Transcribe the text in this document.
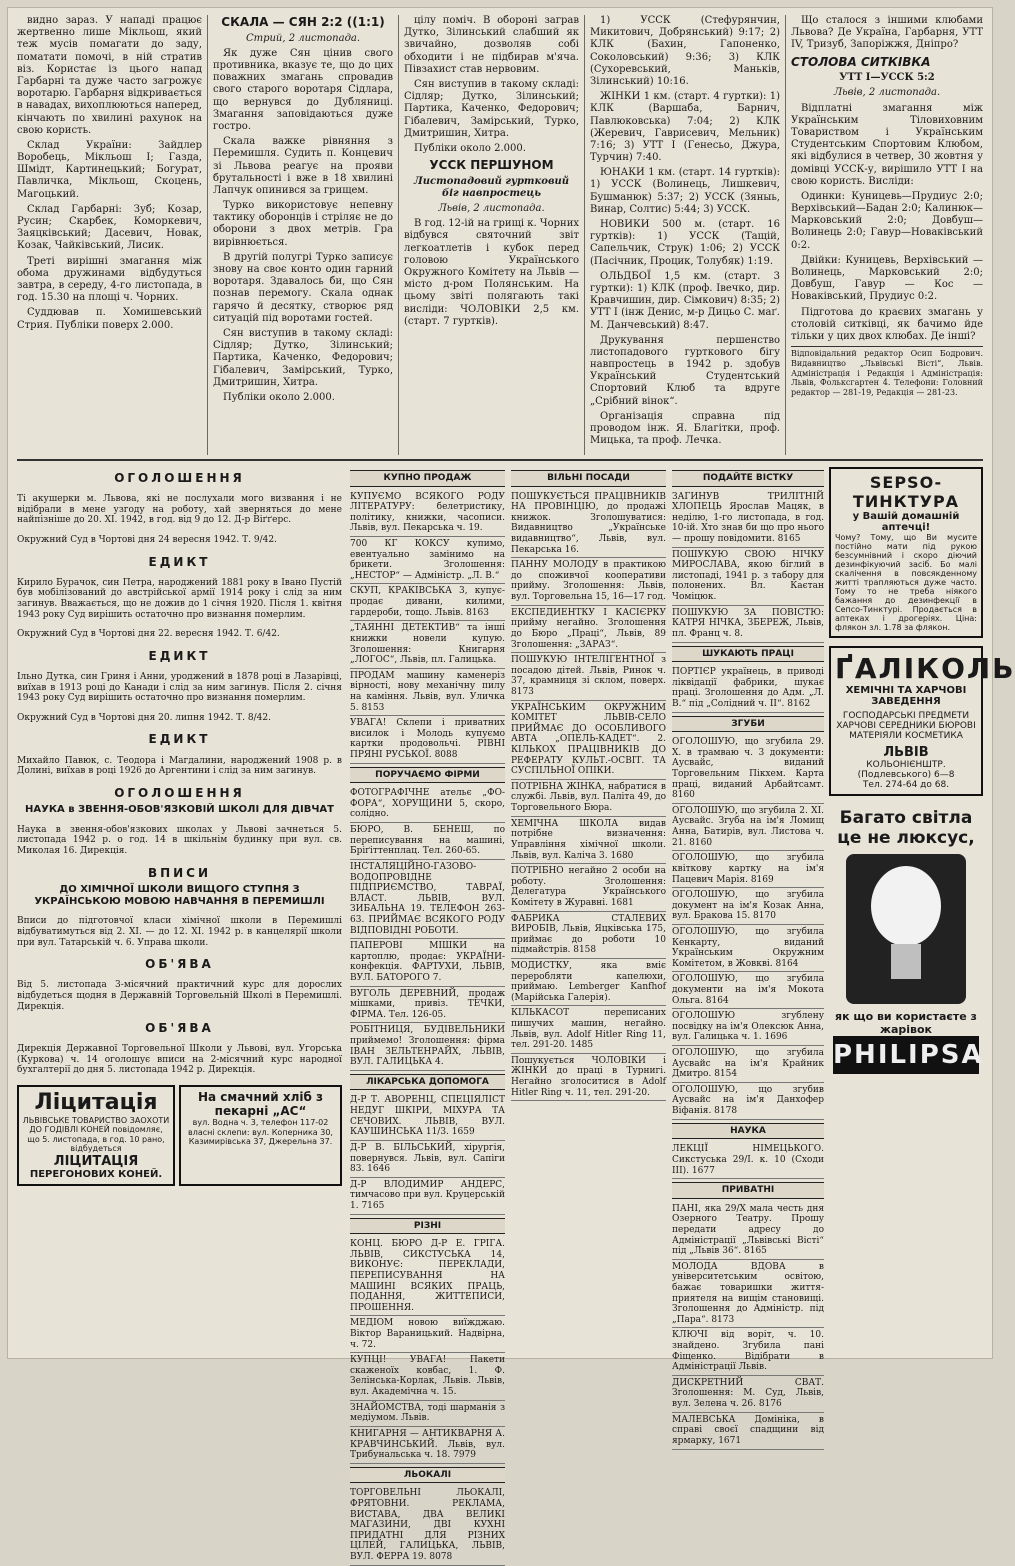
видно зараз. У нападі працює жертвенно лише Мікльош, який теж мусів помагати до заду, поматати помочі, в ній стратив віз. Користає із цього напад Гарбарні та дуже часто загрожує воротарю. Гарбарня відкривається в навадах, вихоплюються наперед, кінчають по хвилині рахунок на свою користь.

Склад України: Зайдлер Воробець, Мікльош I; Газда, Шмідт, Картинецький; Богурат, Павличка, Мікльош, Скоцень, Магоцький.

Склад Гарбарні: Зуб; Козар, Русин; Скарбек, Коморкевич, Заяцківський; Дасевич, Новак, Козак, Чайківський, Лисик.

Треті вирішні змагання між обома дружинами відбудуться завтра, в середу, 4-го листопада, в год. 15.30 на площі ч. Чорних.

Суддював п. Хомишевський Стрия. Публіки поверх 2.000.

СКАЛА — СЯН 2:2 ((1:1)

Стрий, 2 листопада.

Як дуже Сян цінив свого противника, вказує те, що до цих поважних змагань спровадив свого старого воротаря Сідлара, що вернувся до Дубляниці. Змагання заповідаються дуже гостро.

Скала важке рівняння з Перемишля. Судить п. Концевич зі Львова реагує на прояви брутальності і вже в 18 хвилині Лапчук опинився за грищем.

Турко використовує непевну тактику оборонців і стріляє не до оборони з двох метрів. Гра вирівнюється.

В другій полугрі Турко записує знову на своє конто один гарний воротаря. Здавалось би, що Сян познав перемогу. Скала однак гарячо й десятку, створює ряд ситуацій під воротами гостей.

Сян виступив в такому складі: Сідляр; Дутко, Зілинський; Партика, Каченко, Федорович; Гібалевич, Замірський, Турко, Дмитришин, Хитра.

Публіки около 2.000.

цілу поміч. В обороні заграв Дутко, Зілинський слабший як звичайно, дозволяв собі обходити і не підбирав м'яча. Півзахист став нервовим.

Сян виступив в такому складі: Сідляр; Дутко, Зілинський; Партика, Каченко, Федорович; Гібалевич, Замірський, Турко, Дмитришин, Хитра.

Публіки около 2.000.

УССК ПЕРШУНОМ

Листопадовий гуртковий біг навпростець

Львів, 2 листопада.

В год. 12-ій на грищі к. Чорних відбувся святочний звіт легкоатлетів і кубок перед головою Українського Окружного Комітету на Львів — місто д-ром Полянським. На цьому звіті полягають такі висліди: ЧОЛОВІКИ 2,5 км. (старт. 7 гуртків).

1) УССК (Стефурянчин, Микитович, Добрянський) 9:17; 2) КЛК (Бахин, Гапоненко, Соколовський) 9:36; 3) КЛК (Сухоревський, Маньків, Зілинський) 10:16.

ЖІНКИ 1 км. (старт. 4 гуртки): 1) КЛК (Варшаба, Барнич, Павлюковська) 7:04; 2) КЛК (Жеревич, Гаврисевич, Мельник) 7:16; 3) УТТ I (Генесьо, Джура, Турчин) 7:40.

ЮНАКИ 1 км. (старт. 14 гуртків): 1) УССК (Волинець, Лишкевич, Бушманюк) 5:37; 2) УССК (Зяныь, Винар, Солтис) 5:44; 3) УССК.

НОВИКИ 500 м. (старт. 16 гуртків): 1) УССК (Тащій, Сапельчик, Струк) 1:06; 2) УССК (Пасічник, Процик, Толубяк) 1:19.

ОЛЬДБОЇ 1,5 км. (старт. 3 гуртки): 1) КЛК (проф. Івечко, дир. Кравчишин, дир. Сімкович) 8:35; 2) УТТ I (інж Денис, м-р Дицьо С. маґ. М. Данчевський) 8:47.

Друкування першенство листопадового гурткового бігу навпростець в 1942 р. здобув Український Студентський Спортовий Клюб та вдруге „Срібний вінок“.

Організація справна під проводом інж. Я. Благітки, проф. Мицька, та проф. Лечка.

Що сталося з іншими клюбами Львова? Де Україна, Гарбарня, УТТ IV, Тризуб, Запоріжжя, Дніпро?

СТОЛОВА СИТКІВКА

УТТ I—УССК 5:2

Львів, 2 листопада.

Відплатні змагання між Українським Тіловиховним Товариством і Українським Студентським Спортовим Клюбом, які відбулися в четвер, 30 жовтня у домівці УССК-у, вирішило УТТ I на свою користь. Висліди:

Одинки: Куницевь—Прудиус 2:0; Верхівський—Бадан 2:0; Калинюк—Марковський 2:0; Довбуш—Волинець 2:0; Гавур—Новаківський 0:2.

Двійки: Куницевь, Верхівський — Волинець, Марковський 2:0; Довбуш, Гавур — Кос — Новаківський, Прудиус 0:2.

Підготова до краєвих змагань у столовій ситківці, як бачимо йде тільки у цих двох клюбах. Де інші?

Відповідальний редактор Осип Бодрович. Видавництво „Львівські Вісті“, Львів. Адміністрація і Редакція і Адміністрація: Львів, Фольксгартен 4. Телефони: Головний редактор — 281-19, Редакція — 281-23.

ОГОЛОШЕННЯ

Ті акушерки м. Львова, які не послухали мого визвання і не відібрали в мене узгоду на роботу, хай зверняться до мене найпізніше до 20. XI. 1942, в год. від 9 до 12. Д-р Віґґерс.

Окружний Суд в Чортові дня 24 вересня 1942. Т. 9/42.

ЕДИКТ

Кирило Бурачок, син Петра, народжений 1881 року в Івано Пустій був мобілізований до австрійської армії 1914 року і слід за ним загинув. Вважається, що не дожив до 1 січня 1920. Після 1. квітня 1943 року Суд вирішить остаточно про визнання померлим.

Окружний Суд в Чортові дня 22. вересня 1942. Т. 6/42.

ЕДИКТ

Ільно Дутка, син Гриня і Анни, уроджений в 1878 році в Лазарівці, виїхав в 1913 році до Канади і слід за ним загинув. Після 2. січня 1943 року Суд вирішить остаточно про визнання померлим.

Окружний Суд в Чортові дня 20. липня 1942. Т. 8/42.

ЕДИКТ

Михайло Павюк, с. Теодора і Магдалини, народжений 1908 р. в Долині, виїхав в році 1926 до Аргентини і слід за ним загинув.

ОГОЛОШЕННЯ
НАУКА в ЗВЕННЯ-ОБОВ'ЯЗКОВІЙ ШКОЛІ ДЛЯ ДІВЧАТ

Наука в звення-обов'язкових школах у Львові зачнеться 5. листопада 1942 р. о год. 14 в шкільнім будинку при вул. св. Миколая 16. Дирекція.

ВПИСИ
ДО ХІМІЧНОЇ ШКОЛИ ВИЩОГО СТУПНЯ З УКРАЇНСЬКОЮ МОВОЮ НАВЧАННЯ В ПЕРЕМИШЛІ

Вписи до підготовчої класи хімічної школи в Перемишлі відбуватимуться від 2. XI. — до 12. XI. 1942 р. в канцелярії школи при вул. Татарській ч. 6. Управа школи.

ОБ'ЯВА

Від 5. листопада 3-місячний практичний курс для дорослих відбудеться щодня в Державній Торговельній Школі в Перемишлі. Дирекція.

ОБ'ЯВА

Дирекція Державної Торговельної Школи у Львові, вул. Угорська (Куркова) ч. 14 оголошує вписи на 2-місячний курс народної бухгалтерії до дня 5. листопада 1942 р. Дирекція.

Лiцитація
ЛЬВІВСЬКЕ ТОВАРИСТВО ЗАОХОТИ ДО ГОДІВЛІ КОНЕЙ повідомляє, що 5. листопада, в год. 10 рано, відбудеться
ЛІЦИТАЦІЯ
ПЕРЕГОНОВИХ КОНЕЙ.
На смачний хліб з пекарні „АС“
вул. Водна ч. 3, телефон 117-02 власні склепи: вул. Коперника 30, Казимирівська 37, Джерельна 37.
КУПНО ПРОДАЖ
КУПУЄМО ВСЯКОГО РОДУ ЛІТЕРАТУРУ: белетристику, політику, книжки, часописи. Львів, вул. Пекарська ч. 19.
700 КГ КОКСУ купимо, евентуально замінимо на брикети. Зголошення: „НЕСТОР“ — Адміністр. „Л. В.“
СКУП, КРАКІВСЬКА 3, купує-продає дивани, килими, гардероби, тощо. Львів. 8163
„ТАЯННІ ДЕТЕКТИВ“ та інші книжки новели купую. Зголошення: Книгарня „ЛОГОС“, Львів, пл. Галицька.
ПРОДАМ машину каменеріз вірності, нову механічну пилу на каміння. Львів, вул. Уличка 5. 8153
УВАГА! Склепи і приватних висилок і Молодь купуємо картки продовольчі. РІВНІ ПРЯНІ РУСЬКОЇ. 8088
ПОРУЧАЄМО ФІРМИ
ФОТОГРАФІЧНЕ ательє „ФО-ФОРА“, ХОРУЩИНИ 5, скоро, солідно.
БЮРО, В. БЕНЕШ, по переписування на машині, Бріґіттенплац. Тел. 260-65.
ІНСТАЛЯЦІЙНО-ГАЗОВО-ВОДОПРОВІДНЕ ПІДПРИЄМСТВО, ТАВРАЇ, ВЛАСТ. ЛЬВІВ, ВУЛ. ЗИБАЛЬНА 19. ТЕЛЕФОН 263-63. ПРИЙМАЄ ВСЯКОГО РОДУ ВІДПОВІДНІ РОБОТИ.
ПАПЕРОВІ МІШКИ на картоплю, продає: УКРАЇНИ-конфекція. ФАРТУХИ, ЛЬВІВ, ВУЛ. БАТОРОГО 7.
ВУГОЛЬ ДЕРЕВНИЙ, продаж мішками, привіз. ТЕЧКИ, ФІРМА. Тел. 126-05.
РОБІТНИЦЯ, БУДІВЕЛЬНИКИ приймемо! Зголошення: фірма ІВАН ЗЕЛЬТЕНРАЙХ, ЛЬВІВ, ВУЛ. ГАЛИЦЬКА 4.
ЛІКАРСЬКА ДОПОМОГА
Д-Р Т. АВОРЕНЦ, СПЕЦІЯЛІСТ НЕДУГ ШКІРИ, МІХУРА ТА СЕЧОВИХ. ЛЬВІВ, ВУЛ. КАУШИНСЬКА 11/3. 1659
Д-Р В. БІЛЬСЬКИЙ, хірургія, повернувся. Львів, вул. Сапіги 83. 1646
Д-Р ВЛОДИМИР АНДЕРС, тимчасово при вул. Круцерській 1. 7165
РІЗНІ
КОНЦ. БЮРО Д-Р Е. ГРІГА. ЛЬВІВ, СИКСТУСЬКА 14, ВИКОНУЄ: ПЕРЕКЛАДИ, ПЕРЕПИСУВАННЯ НА МАШИНІ ВСЯКИХ ПРАЦЬ, ПОДАННЯ, ЖИТТЕПИСИ, ПРОШЕННЯ.
МЕДІОМ новою виїжджаю. Віктор Вараницький. Надвірна, ч. 72.
КУПЦІ! УВАГА! Пакети скаженоїх ковбас, 1. Ф. Зелінська-Корлак, Львів. Львів, вул. Академічна ч. 15.
ЗНАЙОМСТВА, тоді шарманія з медіумом. Львів.
КНИГАРНЯ — АНТИКВАРНЯ А. КРАВЧИНСЬКИЙ. Львів, вул. Трибунальська ч. 18. 7979
ЛЬОКАЛІ
ТОРГОВЕЛЬНІ ЛЬОКАЛІ, ФРЯТОВНИ. РЕКЛАМА, ВИСТАВА, ДВА ВЕЛИКІ МАГАЗИНИ, ДВІ КУХНІ ПРИДАТНІ ДЛЯ РІЗНИХ ЦІЛЕЙ, ГАЛИЦЬКА, ЛЬВІВ, ВУЛ. ФЕРРА 19. 8078
ВІЛЬНІ ПОСАДИ
ПОШУКУЄТЬСЯ ПРАЦІВНИКІВ НА ПРОВІНЦІЮ, до продажі книжок. Зголошуватися: Видавництво „Українське видавництво“, Львів, вул. Пекарська 16.
ПАННУ МОЛОДУ в практикою до споживчої кооперативи прийму. Зголошення: Львів, вул. Торговельна 15, 16—17 год.
ЕКСПЕДИЕНТКУ І КАСІЄРКУ прийму негайно. Зголошення до Бюро „Праці“, Львів, 89 Зголошення: „ЗАРАЗ“.
ПОШУКУЮ ІНТЕЛІГЕНТНОЇ з посадою дітей. Львів, Ринок ч. 37, крамниця зі склом, поверх. 8173
УКРАЇНСЬКИМ ОКРУЖНИМ КОМІТЕТ ЛЬВІВ-СЕЛО ПРИЙМАЄ ДО ОСОБЛИВОГО АВТА „ОПЕЛЬ-КАДЕТ“. 2. КІЛЬКОХ ПРАЦІВНИКІВ ДО РЕФЕРАТУ КУЛЬТ.-ОСВІТ. ТА СУСПІЛЬНОЇ ОПІКИ.
ПОТРІБНА ЖІНКА, набратися в службі. Львів, вул. Паліта 49, до Торговельного Бюра.
ХЕМІЧНА ШКОЛА видав потрібне визначення: Управління хімічної школи. Львів, вул. Каліча 3. 1680
ПОТРІБНО негайно 2 особи на роботу. Зголошення: Делегатура Українського Комітету в Журавні. 1681
ФАБРИКА СТАЛЕВИХ ВИРОБІВ, Львів, Яцківська 175, приймає до роботи 10 підмайстрів. 8158
МОДИСТКУ, яка вміє переробляти капелюхи, приймаю. Lemberger Kanfhof (Марійська Галерія).
КІЛЬКАСОТ переписаних пишучих машин, негайно. Львів, вул. Adolf Hitler Ring 11, тел. 291-20. 1485
Пошукується ЧОЛОВІКИ і ЖІНКИ до праці в Турнигі. Негайно зголоситися в Adolf Hitler Ring ч. 11, тел. 291-20.
ПОДАЙТЕ ВІСТКУ
ЗАГИНУВ ТРИЛІТНІЙ ХЛОПЕЦЬ Ярослав Мацяк, в неділю, 1-го листопада, в год. 10-ій. Хто знав би що про нього — прошу повідомити. 8165
ПОШУКУЮ СВОЮ НІЧКУ МИРОСЛАВА, якою біглий в листопаді, 1941 р. з табору для полонених. Вл. Каєтан Чоміцюк.
ПОШУКУЮ ЗА ПОВІСТЮ: КАТРЯ НІЧКА, ЗБЕРЕЖ, Львів, пл. Франц ч. 8.
ШУКАЮТЬ ПРАЦІ
ПОРТІЄР українець, в приводі ліквідації фабрики, шукає праці. Зголошення до Адм. „Л. В.“ під „Солідний ч. II“. 8162
ЗГУБИ
ОГОЛОШУЮ, що згубила 29. Х. в трамваю ч. 3 документи: Аусвайс, виданий Торговельним Пікхем. Карта праці, виданий Арбайтсамт. 8160
ОГОЛОШУЮ, що згубила 2. ХІ. Аусвайс. Згуба на ім'я Ломищ Анна, Батирів, вул. Листова ч. 21. 8160
ОГОЛОШУЮ, що згубила квіткову картку на ім'я Пацевич Марія. 8169
ОГОЛОШУЮ, що згубила документ на ім'я Козак Анна, вул. Бракова 15. 8170
ОГОЛОШУЮ, що згубила Кенкарту, виданий Українським Окружним Комітетом, в Жовкві. 8164
ОГОЛОШУЮ, що згубила документи на ім'я Мокота Ольга. 8164
ОГОЛОШУЮ згублену посвідку на ім'я Олексюк Анна, вул. Галицька ч. 1. 1696
ОГОЛОШУЮ, що згубила Аусвайс на ім'я Крайник Дмитро. 8154
ОГОЛОШУЮ, що згубив Аусвайс на ім'я Данхофер Віфанія. 8178
НАУКА
ЛЕКЦІЇ НІМЕЦЬКОГО. Сикстуська 29/І. к. 10 (Сходи ІІІ). 1677
ПРИВАТНІ
ПАНІ, яка 29/Х мала честь дня Озерного Театру. Прошу передати адресу до Адміністрації „Львівські Вісті“ під „Львів 36“. 8165
МОЛОДА ВДОВА в університетським освітою, бажає товаришки життя-приятеля на вищім становищі. Зголошення до Адміністр. під „Пара“. 8173
КЛЮЧІ від воріт, ч. 10. знайдено. Згубила пані Фіщенко. Відібрати в Адміністрації Львів.
ДИСКРЕТНИЙ СВАТ. Зголошення: М. Суд, Львів, вул. Зелена ч. 26. 8176
МАЛЕВСЬКА Домініка, в справі своєї спадщини від ярмарку, 1671
SEPSO-ТИНКТУРА
у Вашій домашній аптечці!
Чому? Тому, що Ви мусите постійно мати під рукою безсумнівний і скоро діючий дезинфікуючий засіб. Бо малі скалічення в повсякденному житті трапляються дуже часто. Тому то не треба ніякого бажання до дезинфекції в Сепсо-Тинктурі. Продається в аптеках і дрогеріях. Ціна: флякон зл. 1.78 за флякон.
ҐАЛІКОЛЬ
ХЕМІЧНІ ТА ХАРЧОВІ ЗАВЕДЕННЯ
ГОСПОДАРСЬКІ ПРЕДМЕТИ ХАРЧОВІ СЕРЕДНИКИ БЮРОВІ МАТЕРІЯЛИ КОСМЕТИКА
ЛЬВІВ
КОЛЬОНІЄНШТР. (Подлевського) 6—8
Тел. 274-64 до 68.
Багато світла це не люксус,
як що ви користаєте з жарівок
PHILIPSA
